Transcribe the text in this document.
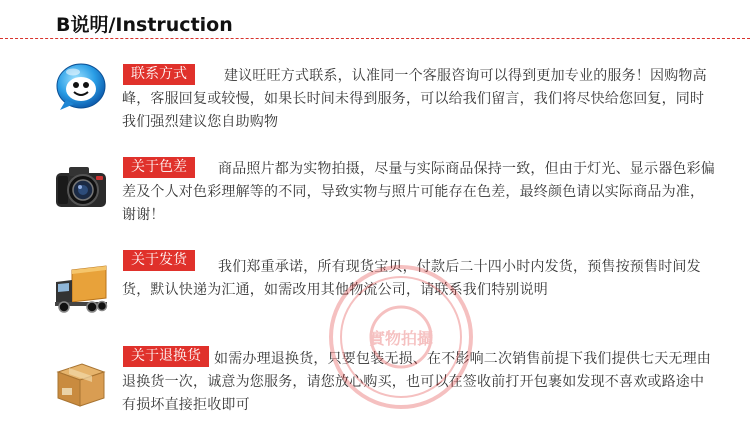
B说明/Instruction
联系方式	建议旺旺方式联系，认准同一个客服咨询可以得到更加专业的服务！因购物高峰，客服回复或较慢，如果长时间未得到服务，可以给我们留言，我们将尽快给您回复，同时我们强烈建议您自助购物
关于色差	商品照片都为实物拍摄，尽量与实际商品保持一致，但由于灯光、显示器色彩偏差及个人对色彩理解等的不同，导致实物与照片可能存在色差，最终颜色请以实际商品为准，谢谢！
关于发货	我们郑重承诺，所有现货宝贝，付款后二十四小时内发货，预售按预售时间发货，默认快递为汇通，如需改用其他物流公司，请联系我们特别说明
关于退换货 如需办理退换货，只要包装无损、在不影响二次销售前提下我们提供七天无理由退换货一次，诚意为您服务，请您放心购买，也可以在签收前打开包裹如发现不喜欢或路途中有损坏直接拒收即可
實物拍攝
